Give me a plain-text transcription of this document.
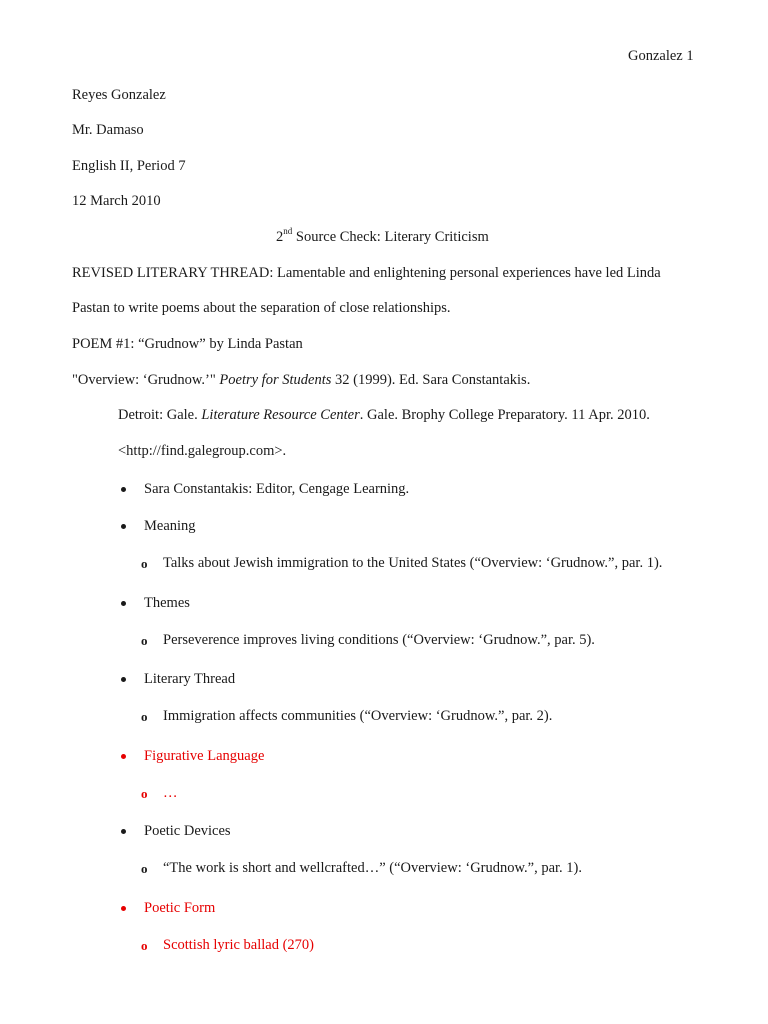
Gonzalez 1
Reyes Gonzalez
Mr. Damaso
English II, Period 7
12 March 2010
2nd Source Check: Literary Criticism
REVISED LITERARY THREAD: Lamentable and enlightening personal experiences have led Linda
Pastan to write poems about the separation of close relationships.
POEM #1: “Grudnow” by Linda Pastan
"Overview: ‘Grudnow.’" Poetry for Students 32 (1999). Ed. Sara Constantakis.
Detroit: Gale. Literature Resource Center. Gale. Brophy College Preparatory. 11 Apr. 2010.
<http://find.galegroup.com>.
Sara Constantakis: Editor, Cengage Learning.
Meaning
o Talks about Jewish immigration to the United States (“Overview: ‘Grudnow.”, par. 1).
Themes
o Perseverence improves living conditions (“Overview: ‘Grudnow.”, par. 5).
Literary Thread
o Immigration affects communities (“Overview: ‘Grudnow.”, par. 2).
Figurative Language
o …
Poetic Devices
o “The work is short and wellcrafted…” (“Overview: ‘Grudnow.”, par. 1).
Poetic Form
o Scottish lyric ballad (270)
